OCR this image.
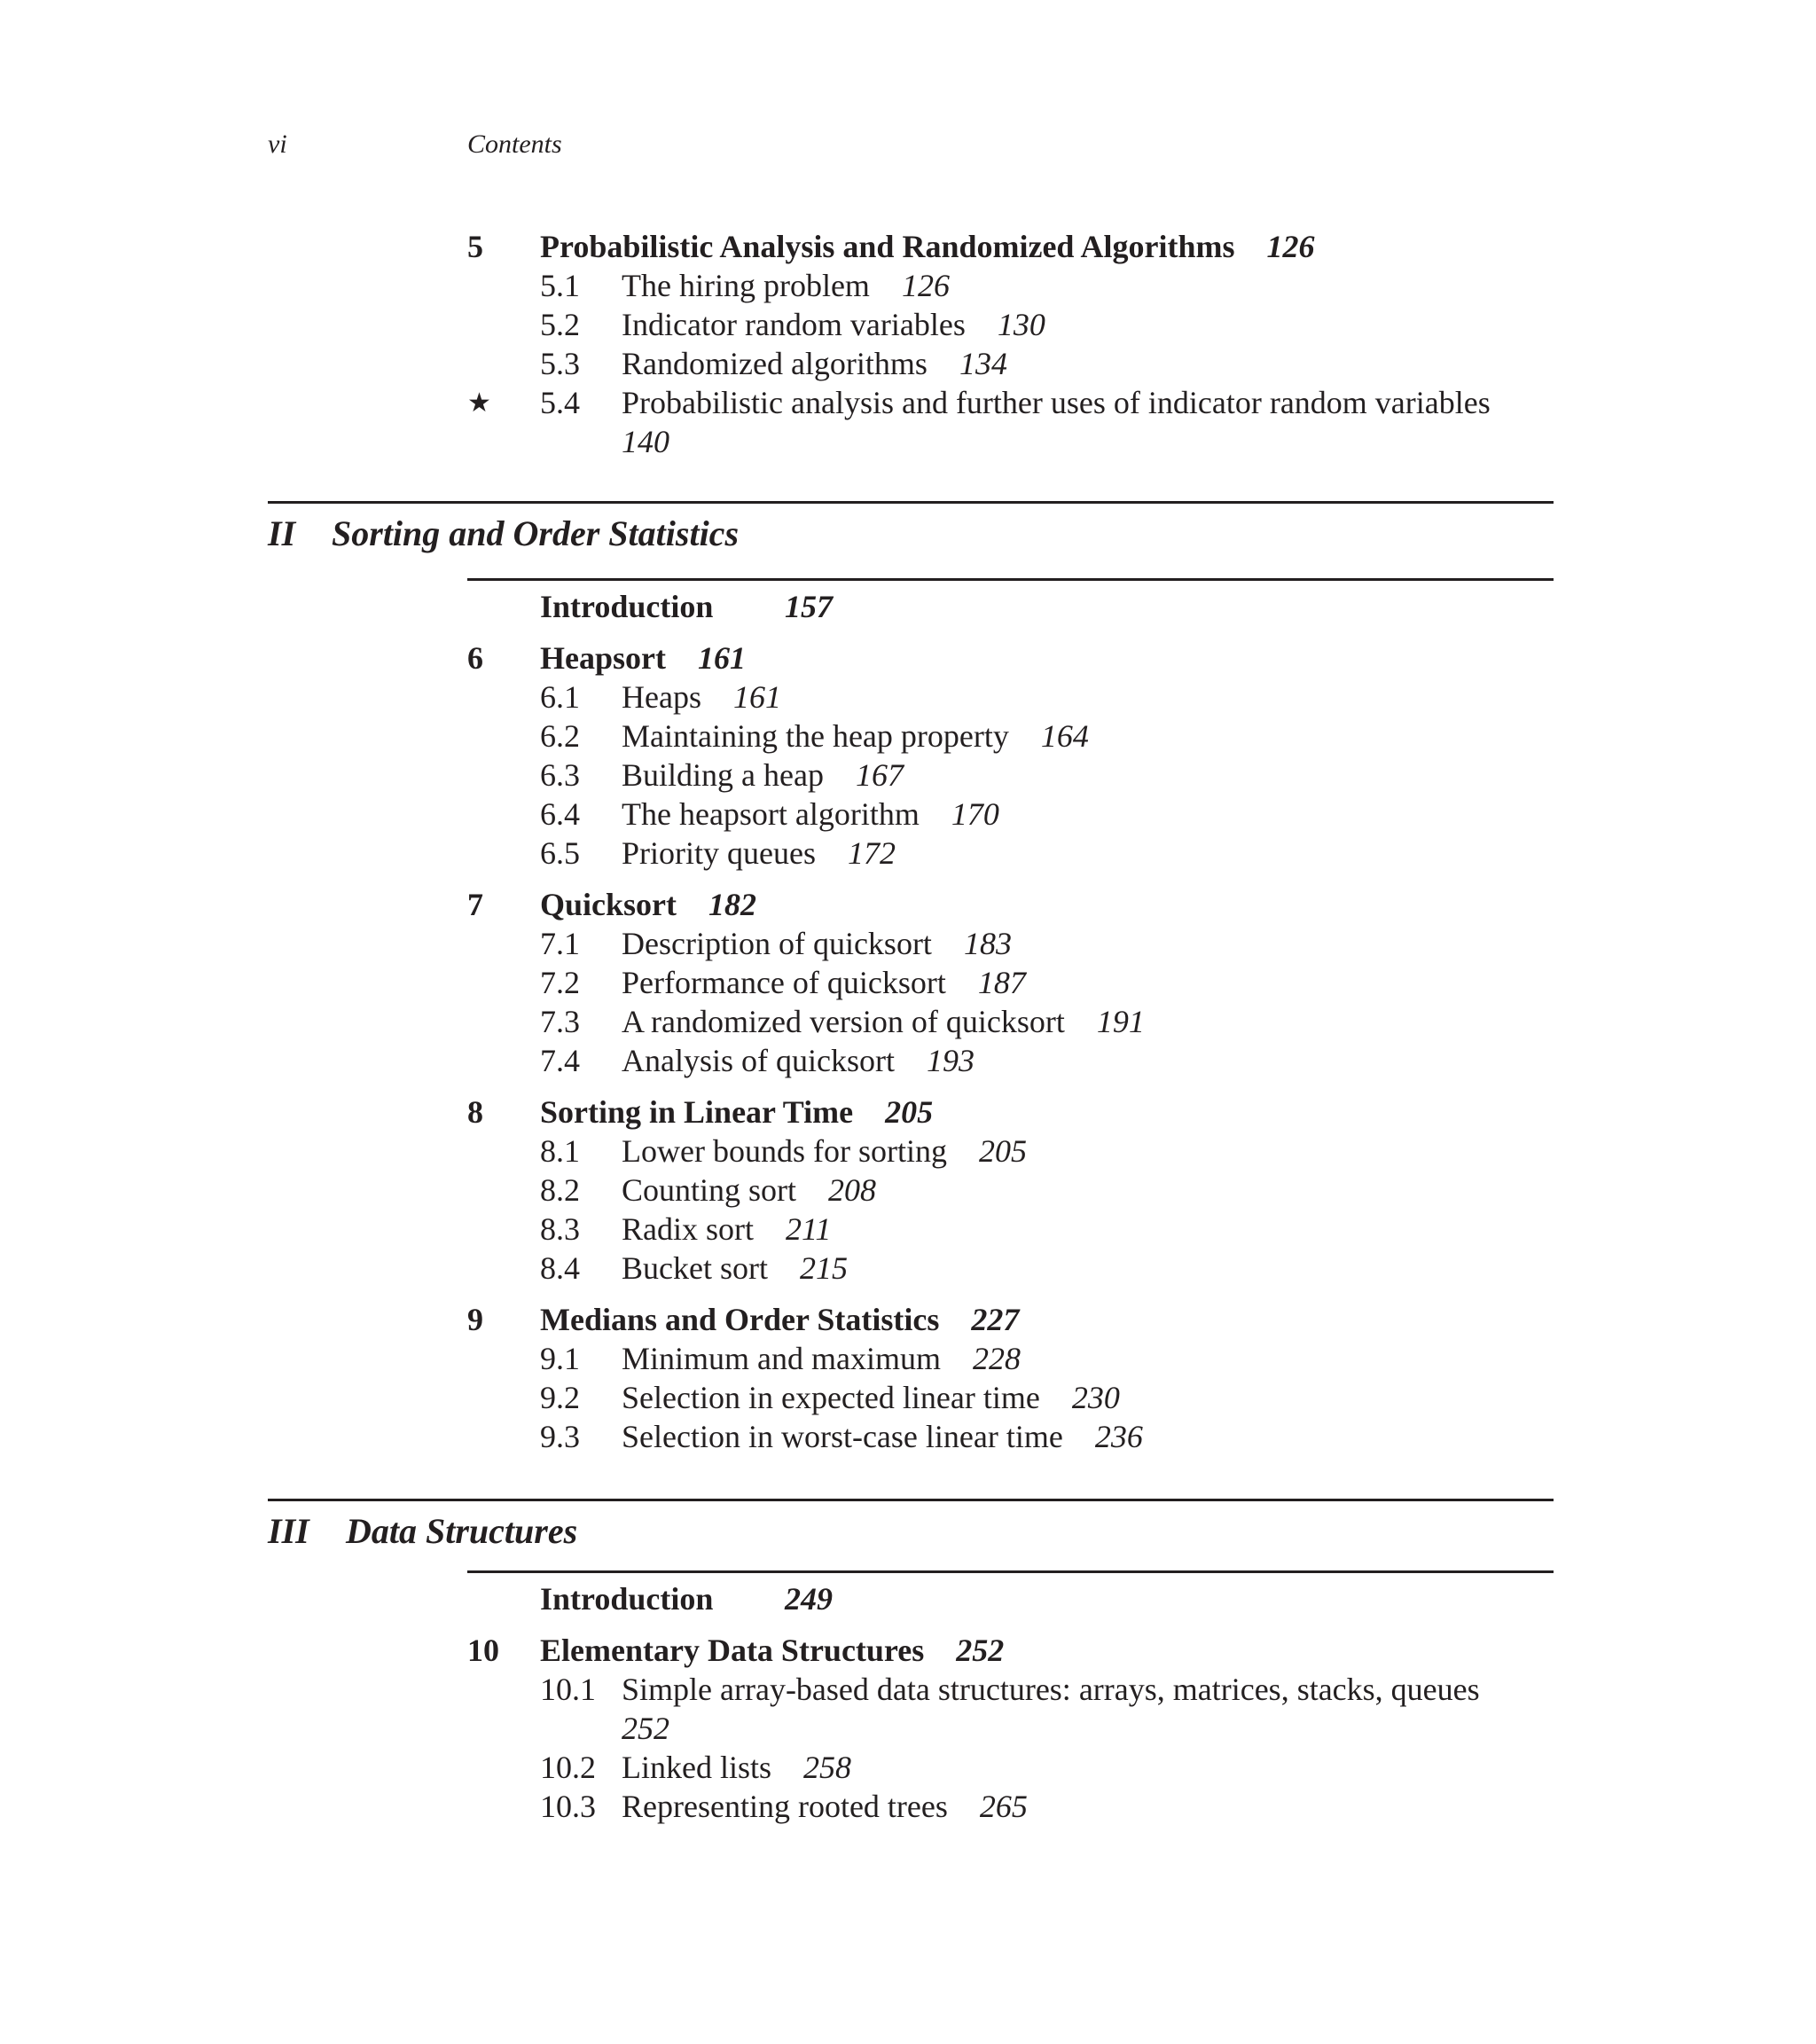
vi	Contents
5 Probabilistic Analysis and Randomized Algorithms 126
5.1 The hiring problem 126
5.2 Indicator random variables 130
5.3 Randomized algorithms 134
★ 5.4 Probabilistic analysis and further uses of indicator random variables
140
II Sorting and Order Statistics
Introduction 157
6 Heapsort 161
6.1 Heaps 161
6.2 Maintaining the heap property 164
6.3 Building a heap 167
6.4 The heapsort algorithm 170
6.5 Priority queues 172
7 Quicksort 182
7.1 Description of quicksort 183
7.2 Performance of quicksort 187
7.3 A randomized version of quicksort 191
7.4 Analysis of quicksort 193
8 Sorting in Linear Time 205
8.1 Lower bounds for sorting 205
8.2 Counting sort 208
8.3 Radix sort 211
8.4 Bucket sort 215
9 Medians and Order Statistics 227
9.1 Minimum and maximum 228
9.2 Selection in expected linear time 230
9.3 Selection in worst-case linear time 236
III Data Structures
Introduction 249
10 Elementary Data Structures 252
10.1 Simple array-based data structures: arrays, matrices, stacks, queues
252
10.2 Linked lists 258
10.3 Representing rooted trees 265
